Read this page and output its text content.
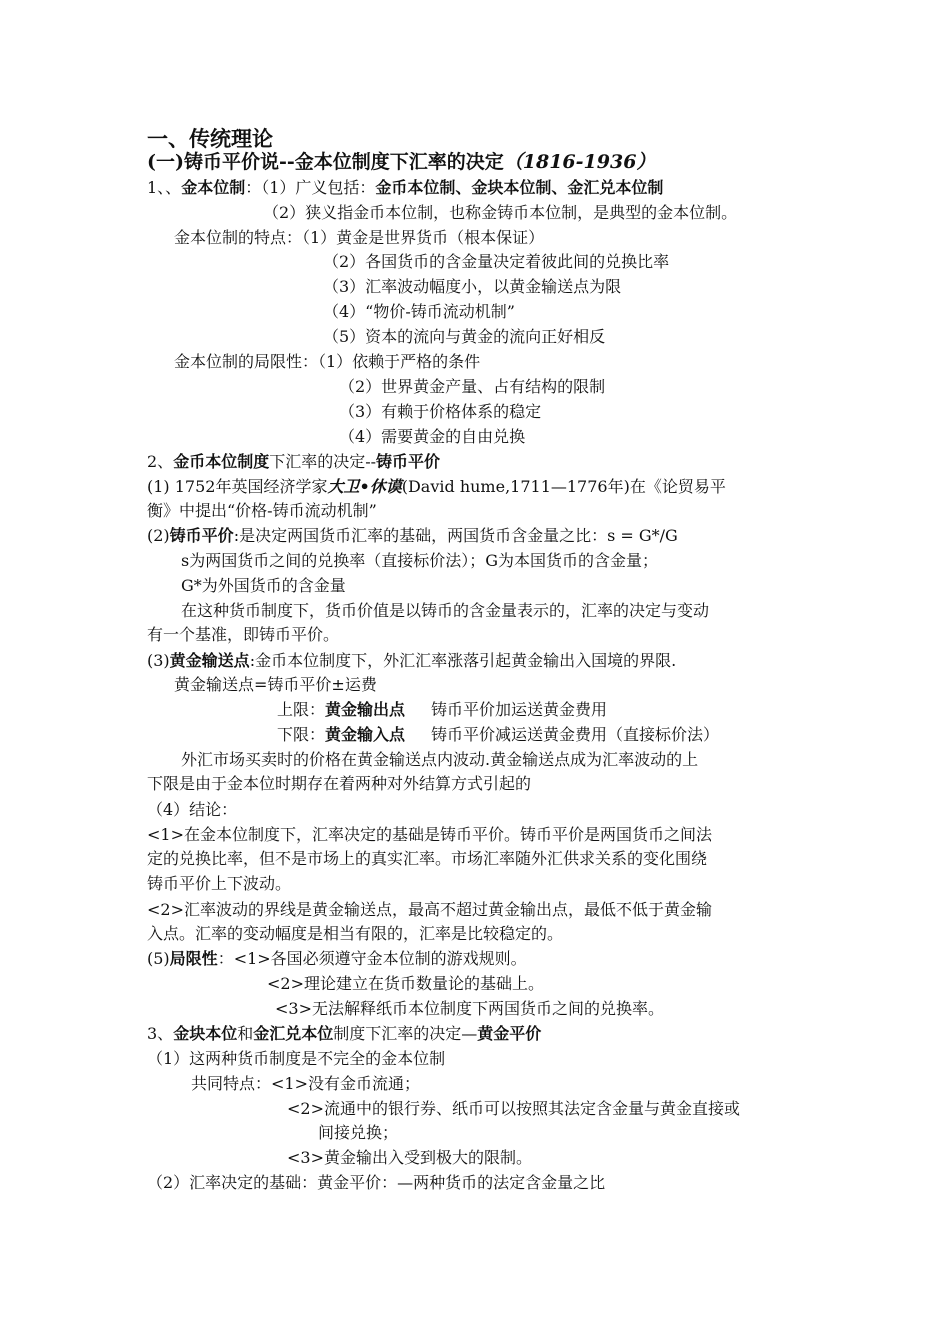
一、传统理论
(一)铸币平价说--金本位制度下汇率的决定（1816-1936）
1、、金本位制：（1）广义包括：金币本位制、金块本位制、金汇兑本位制
（2）狭义指金币本位制，也称金铸币本位制，是典型的金本位制。
金本位制的特点：（1）黄金是世界货币（根本保证）
（2）各国货币的含金量决定着彼此间的兑换比率
（3）汇率波动幅度小，以黄金输送点为限
（4）“物价-铸币流动机制”
（5）资本的流向与黄金的流向正好相反
金本位制的局限性：（1）依赖于严格的条件
（2）世界黄金产量、占有结构的限制
（3）有赖于价格体系的稳定
（4）需要黄金的自由兑换
2、金币本位制度下汇率的决定--铸币平价
(1) 1752年英国经济学家大卫•休谟(David hume,1711—1776年)在《论贸易平
衡》中提出“价格-铸币流动机制”
(2)铸币平价:是决定两国货币汇率的基础，两国货币含金量之比：s = G*/G
s为两国货币之间的兑换率（直接标价法）；G为本国货币的含金量；
G*为外国货币的含金量
在这种货币制度下，货币价值是以铸币的含金量表示的，汇率的决定与变动
有一个基准，即铸币平价。
(3)黄金输送点:金币本位制度下，外汇汇率涨落引起黄金输出入国境的界限.
黄金输送点=铸币平价±运费
上限：黄金输出点 铸币平价加运送黄金费用
下限：黄金输入点 铸币平价减运送黄金费用（直接标价法）
外汇市场买卖时的价格在黄金输送点内波动.黄金输送点成为汇率波动的上
下限是由于金本位时期存在着两种对外结算方式引起的
（4）结论：
<1>在金本位制度下，汇率决定的基础是铸币平价。铸币平价是两国货币之间法
定的兑换比率，但不是市场上的真实汇率。市场汇率随外汇供求关系的变化围绕
铸币平价上下波动。
<2>汇率波动的界线是黄金输送点，最高不超过黄金输出点，最低不低于黄金输
入点。汇率的变动幅度是相当有限的，汇率是比较稳定的。
(5)局限性：<1>各国必须遵守金本位制的游戏规则。
<2>理论建立在货币数量论的基础上。
<3>无法解释纸币本位制度下两国货币之间的兑换率。
3、金块本位和金汇兑本位制度下汇率的决定—黄金平价
（1）这两种货币制度是不完全的金本位制
共同特点：<1>没有金币流通；
<2>流通中的银行券、纸币可以按照其法定含金量与黄金直接或
间接兑换；
<3>黄金输出入受到极大的限制。
（2）汇率决定的基础：黄金平价：—两种货币的法定含金量之比
